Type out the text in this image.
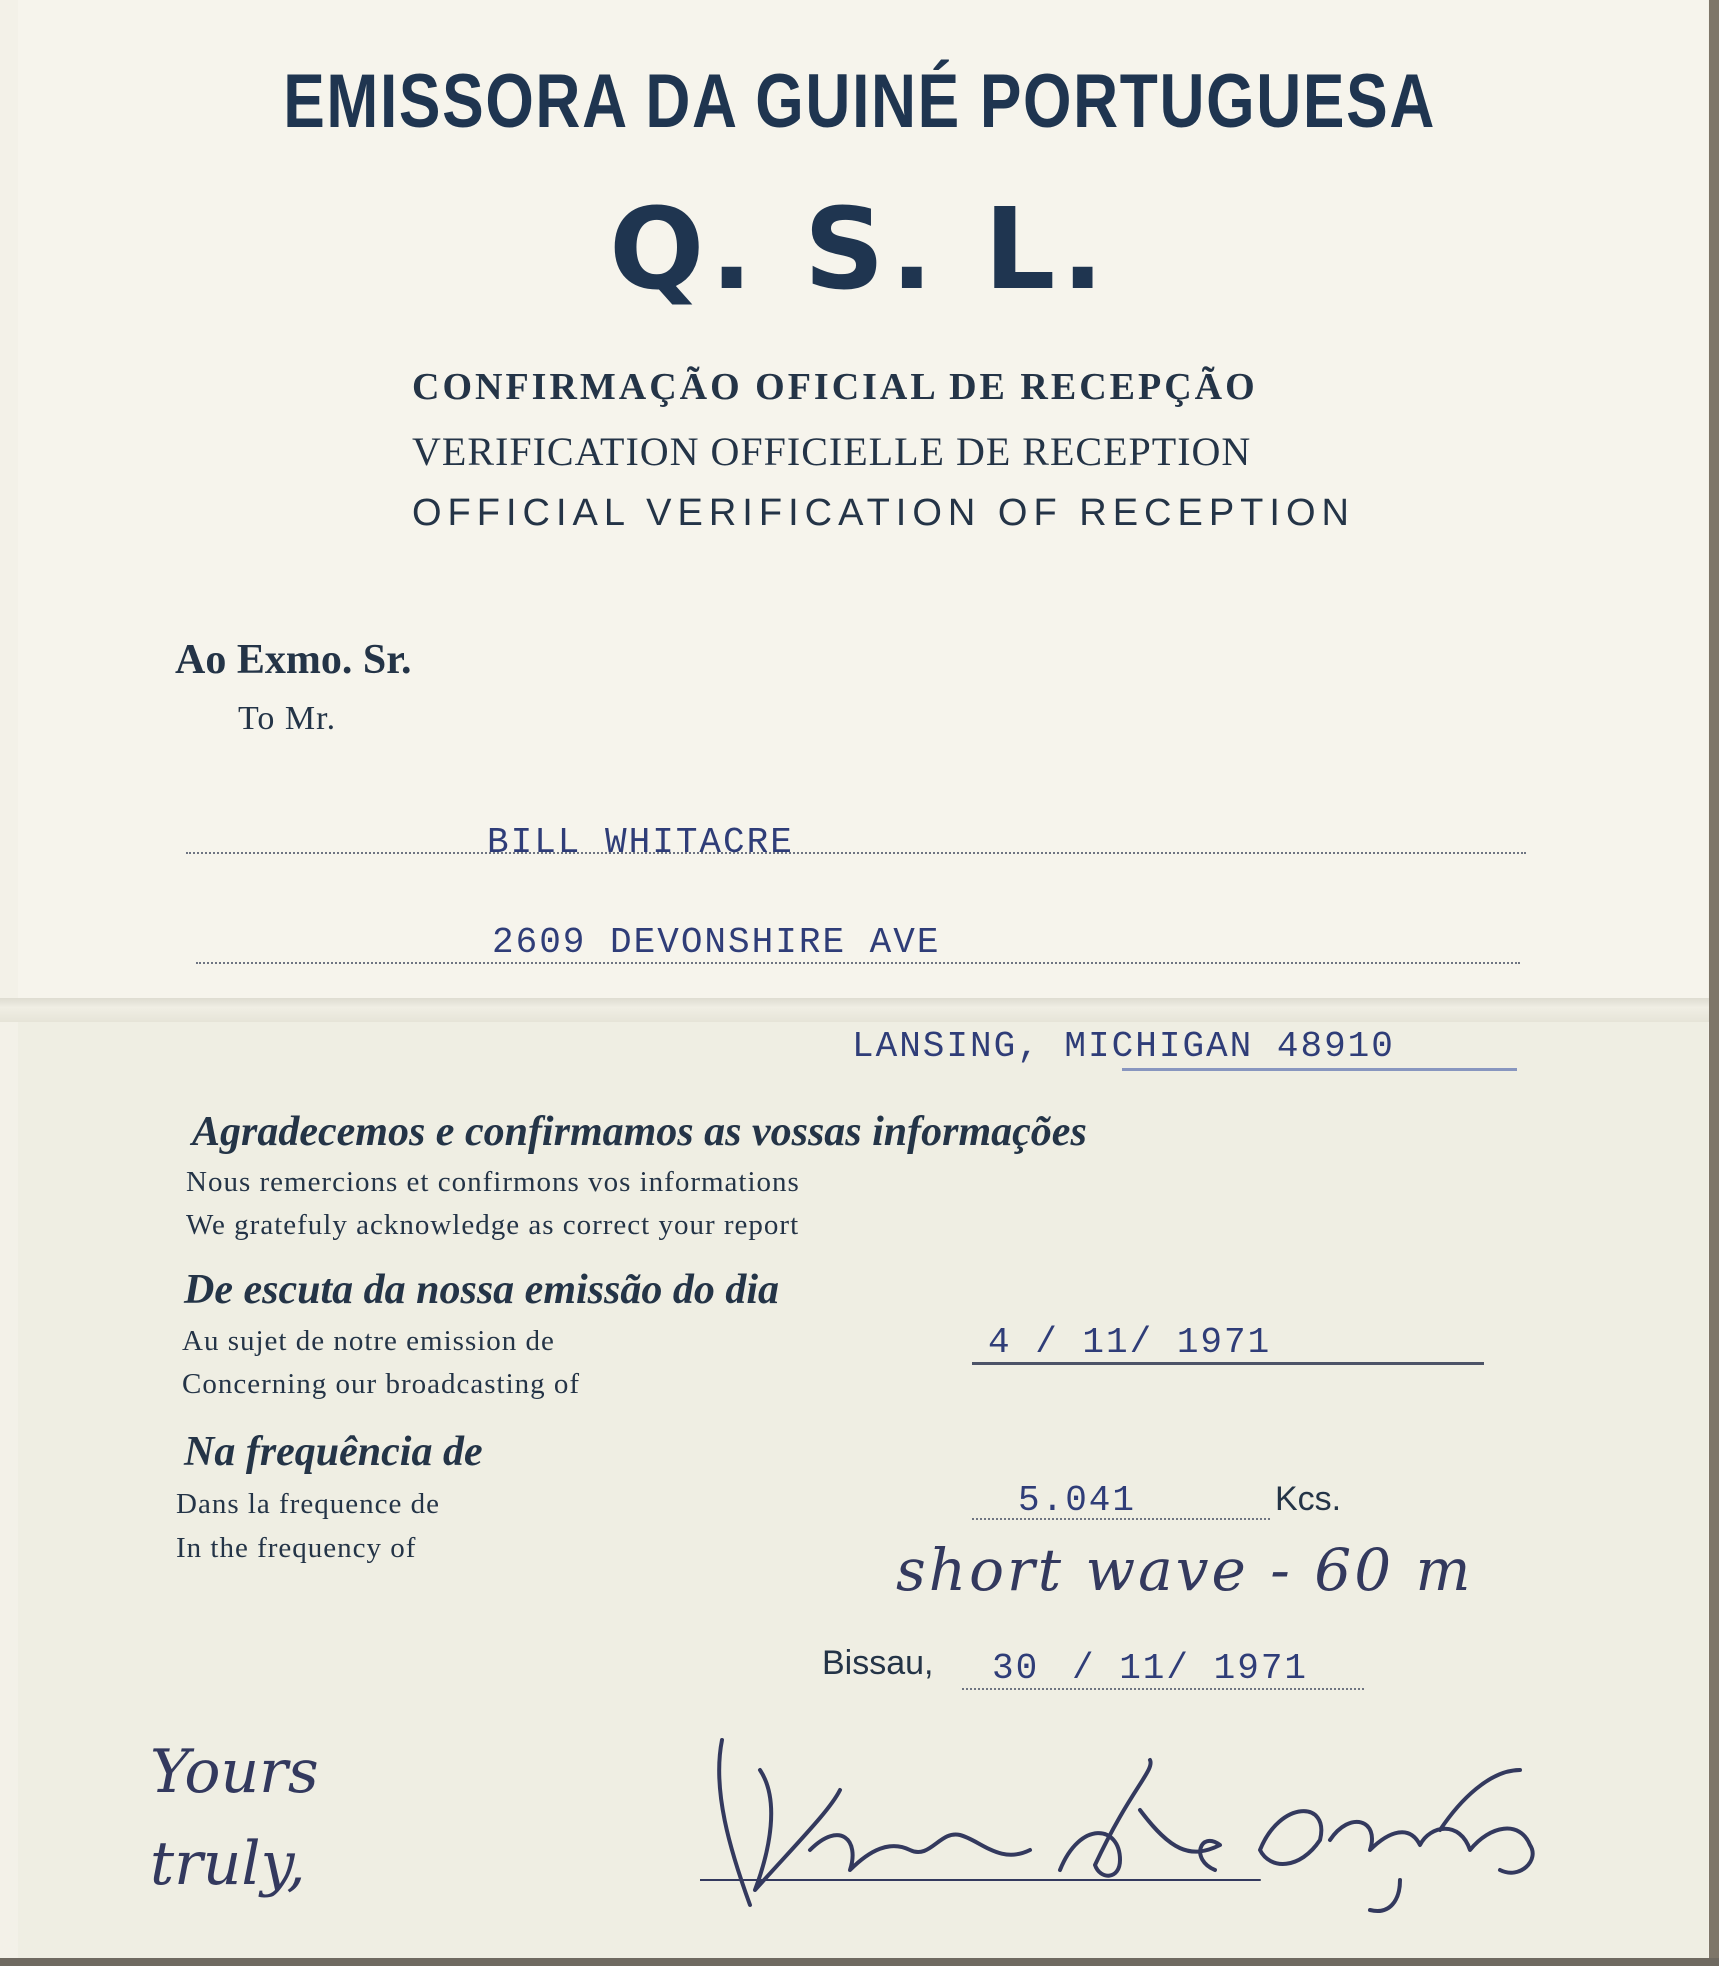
EMISSORA DA GUINÉ PORTUGUESA
Q. S. L.
CONFIRMAÇÃO OFICIAL DE RECEPÇÃO
VERIFICATION OFFICIELLE DE RECEPTION
OFFICIAL VERIFICATION OF RECEPTION
Ao Exmo. Sr.
To Mr.
BILL WHITACRE
2609 DEVONSHIRE AVE
LANSING, MICHIGAN 48910
Agradecemos e confirmamos as vossas informações
Nous remercions et confirmons vos informations
We gratefuly acknowledge as correct your report
De escuta da nossa emissão do dia
Au sujet de notre emission de
Concerning our broadcasting of
4 / 11/ 1971
Na frequência de
Dans la frequence de
In the frequency of
5.041	Kcs.
short wave - 60 m
Bissau, 30 / 11/ 1971
Yours truly,
